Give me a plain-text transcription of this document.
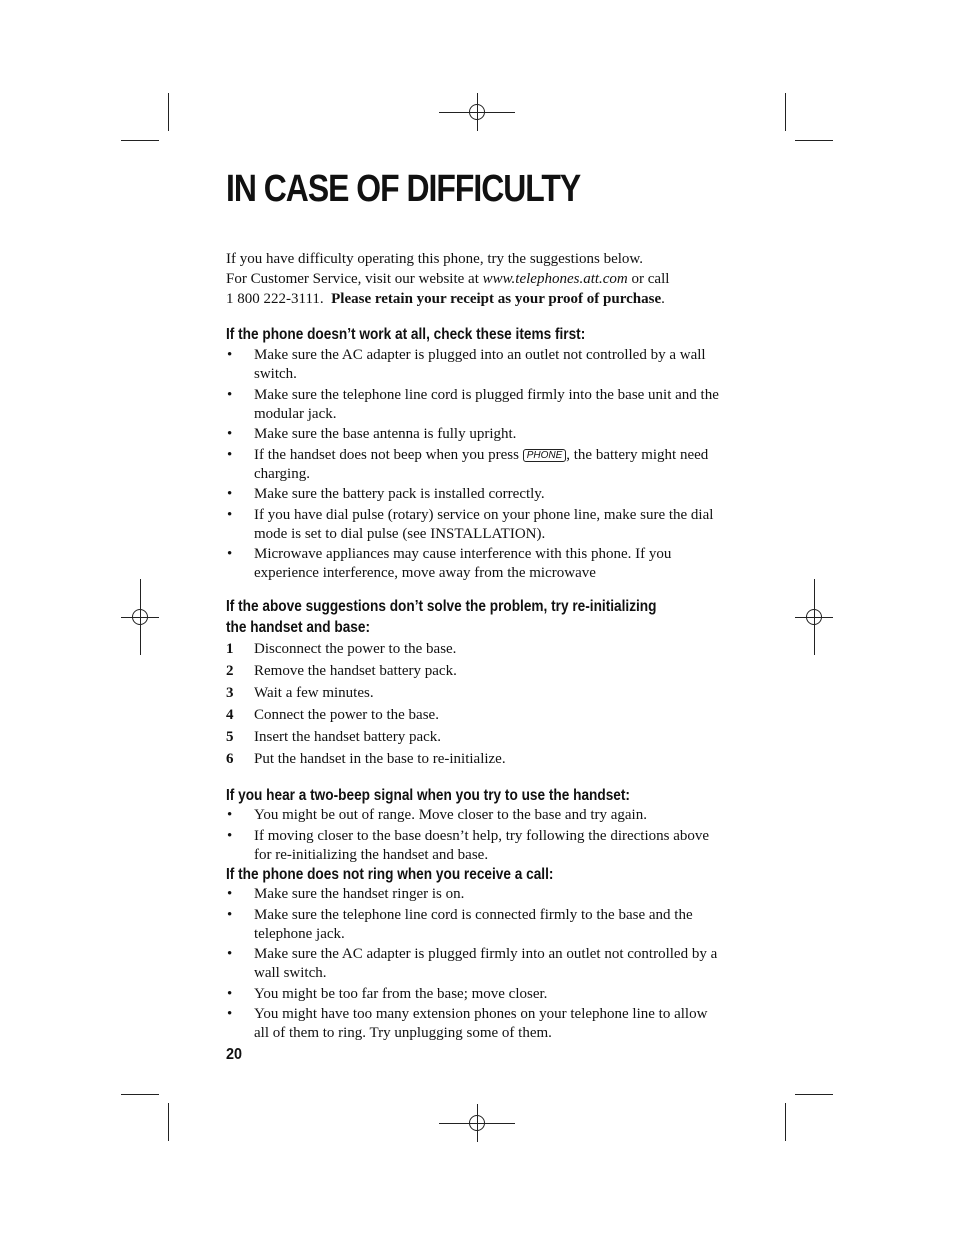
IN CASE OF DIFFICULTY
If you have difficulty operating this phone, try the suggestions below.
For Customer Service, visit our website at www.telephones.att.com or call
1 800 222-3111. Please retain your receipt as your proof of purchase.
If the phone doesn’t work at all, check these items first:
• Make sure the AC adapter is plugged into an outlet not controlled by a wall switch.
• Make sure the telephone line cord is plugged firmly into the base unit and the modular jack.
• Make sure the base antenna is fully upright.
• If the handset does not beep when you press PHONE , the battery might need charging.
• Make sure the battery pack is installed correctly.
• If you have dial pulse (rotary) service on your phone line, make sure the dial mode is set to dial pulse (see INSTALLATION).
• Microwave appliances may cause interference with this phone. If you experience interference, move away from the microwave
If the above suggestions don’t solve the problem, try re-initializing
the handset and base:
1	Disconnect the power to the base.
2	Remove the handset battery pack.
3	Wait a few minutes.
4	Connect the power to the base.
5	Insert the handset battery pack.
6	Put the handset in the base to re-initialize.
If you hear a two-beep signal when you try to use the handset:
• You might be out of range. Move closer to the base and try again.
• If moving closer to the base doesn’t help, try following the directions above for re-initializing the handset and base.
If the phone does not ring when you receive a call:
• Make sure the handset ringer is on.
• Make sure the telephone line cord is connected firmly to the base and the telephone jack.
• Make sure the AC adapter is plugged firmly into an outlet not controlled by a wall switch.
• You might be too far from the base; move closer.
• You might have too many extension phones on your telephone line to allow all of them to ring. Try unplugging some of them.
20
